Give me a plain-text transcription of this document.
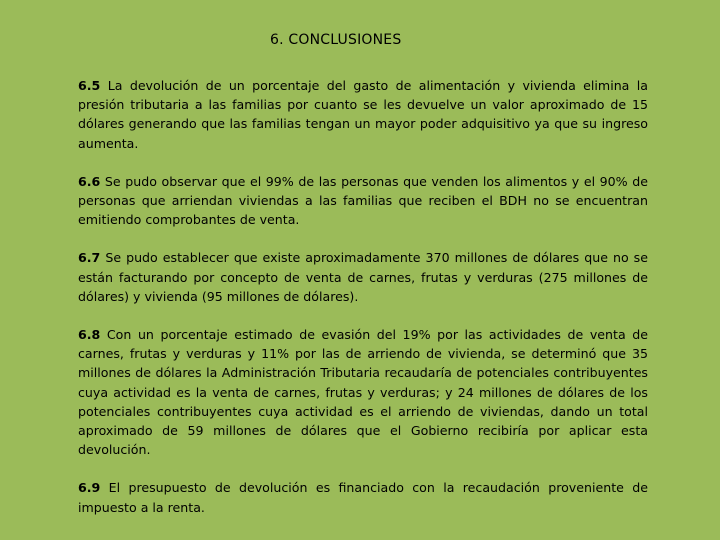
6. CONCLUSIONES

6.5 La devolución de un porcentaje del gasto de alimentación y vivienda elimina la presión tributaria a las familias por cuanto se les devuelve un valor aproximado de 15 dólares generando que las familias tengan un mayor poder adquisitivo ya que su ingreso aumenta.

6.6 Se pudo observar que el 99% de las personas que venden los alimentos y el 90% de personas que arriendan viviendas a las familias que reciben el BDH no se encuentran emitiendo comprobantes de venta.

6.7 Se pudo establecer que existe aproximadamente 370 millones de dólares que no se están facturando por concepto de venta de carnes, frutas y verduras (275 millones de dólares) y vivienda (95 millones de dólares).

6.8 Con un porcentaje estimado de evasión del 19% por las actividades de venta de carnes, frutas y verduras y 11% por las de arriendo de vivienda, se determinó que 35 millones de dólares la Administración Tributaria recaudaría de potenciales contribuyentes cuya actividad es la venta de carnes, frutas y verduras; y 24 millones de dólares de los potenciales contribuyentes cuya actividad es el arriendo de viviendas, dando un total aproximado de 59 millones de dólares que el Gobierno recibiría por aplicar esta devolución.

6.9 El presupuesto de devolución es financiado con la recaudación proveniente de impuesto a la renta.
